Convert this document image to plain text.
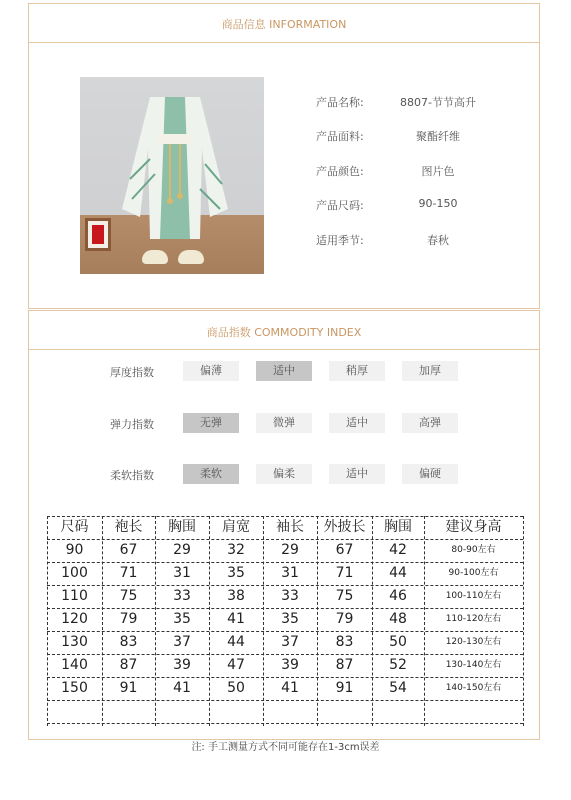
商品信息 INFORMATION
产品名称:	8807-节节高升
产品面料:	聚酯纤维
产品颜色:	图片色
产品尺码:	90-150
适用季节:	春秋
商品指数 COMMODITY INDEX
厚度指数	偏薄	适中	稍厚	加厚
弹力指数	无弹	微弹	适中	高弹
柔软指数	柔软	偏柔	适中	偏硬
尺码	袍长	胸围	肩宽	袖长	外披长	胸围	建议身高
90	67	29	32	29	67	42	80-90左右
100	71	31	35	31	71	44	90-100左右
110	75	33	38	33	75	46	100-110左右
120	79	35	41	35	79	48	110-120左右
130	83	37	44	37	83	50	120-130左右
140	87	39	47	39	87	52	130-140左右
150	91	41	50	41	91	54	140-150左右
注: 手工测量方式不同可能存在1-3cm误差
